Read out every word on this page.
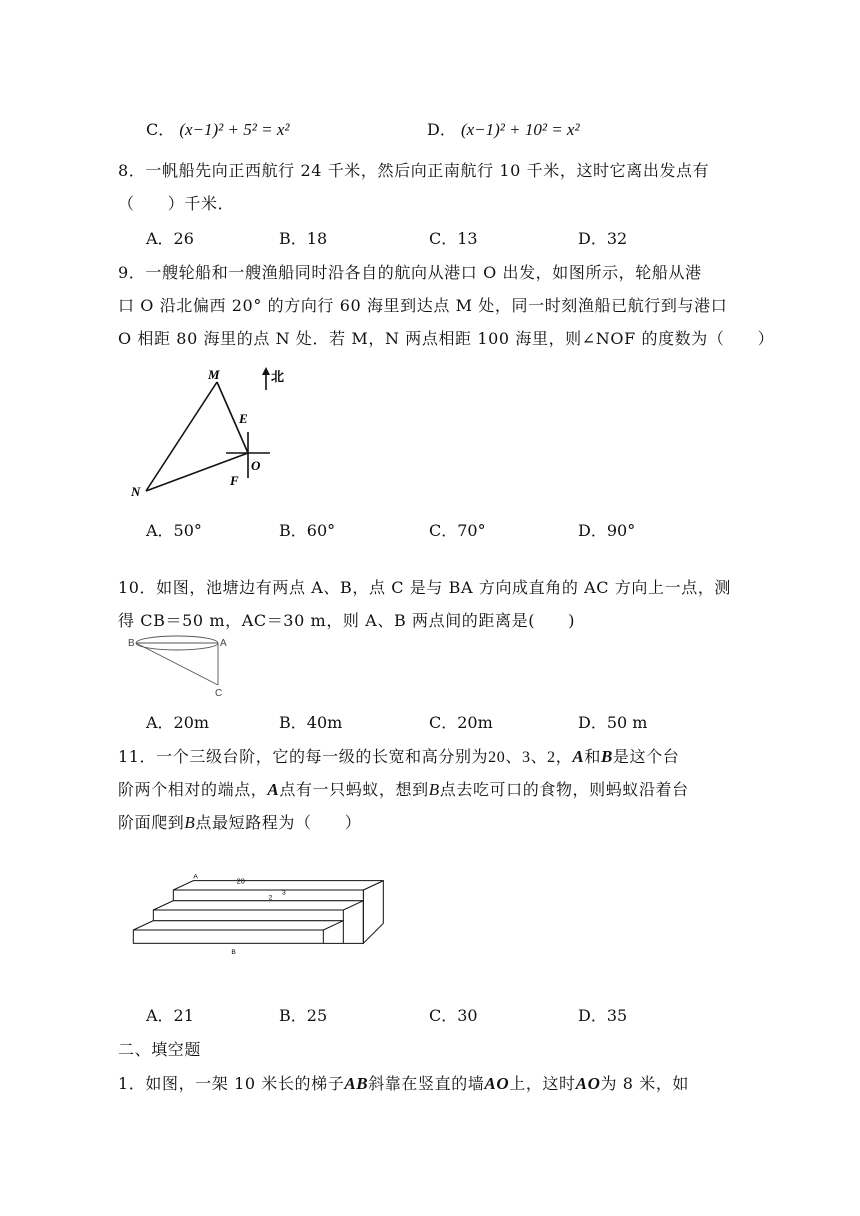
C． (x−1)² + 5² = x²	D． (x−1)² + 10² = x²
8．一帆船先向正西航行 24 千米，然后向正南航行 10 千米，这时它离出发点有
（　　）千米．
A．26	B．18	C．13	D．32
9．一艘轮船和一艘渔船同时沿各自的航向从港口 O 出发，如图所示，轮船从港
口 O 沿北偏西 20° 的方向行 60 海里到达点 M 处，同一时刻渔船已航行到与港口
O 相距 80 海里的点 N 处．若 M，N 两点相距 100 海里，则∠NOF 的度数为（　　）
M
N
E
O
F
北
A．50°	B．60°	C．70°	D．90°
10．如图，池塘边有两点 A、B，点 C 是与 BA 方向成直角的 AC 方向上一点，测
得 CB＝50 m，AC＝30 m，则 A、B 两点间的距离是(　　)
B	A
C
A．20m	B．40m	C．20m	D．50 m
11．一个三级台阶，它的每一级的长宽和高分别为20、3、2，A和B是这个台
阶两个相对的端点，A点有一只蚂蚁，想到B点去吃可口的食物，则蚂蚁沿着台
阶面爬到B点最短路程为（　　）
A	20
2
3
B
A．21	B．25	C．30	D．35
二、填空题
1．如图，一架 10 米长的梯子AB斜靠在竖直的墙AO上，这时AO为 8 米，如
